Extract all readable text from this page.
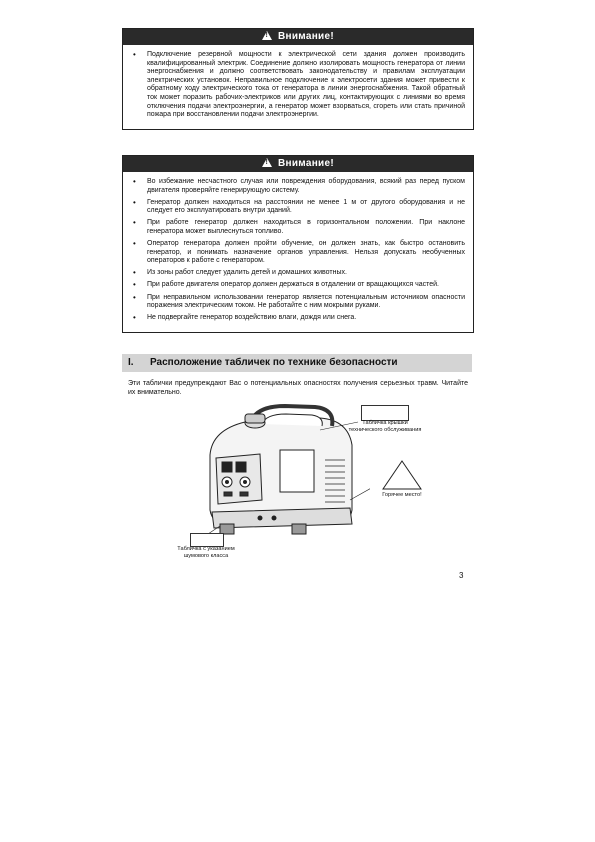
!Внимание!
• Подключение резервной мощности к электрической сети здания должен производить квалифицированный электрик. Соединение должно изолировать мощность генератора от линии энергоснабжения и должно соответствовать законодательству и правилам эксплуатации электрических установок. Неправильное подключение к электросети здания может привести к обратному ходу электрического тока от генератора в линии энергоснабжения. Такой обратный ток может поразить рабочих-электриков или других лиц, контактирующих с линиями во время отключения подачи электроэнергии, а генератор может взорваться, сгореть или стать причиной пожара при восстановлении подачи электроэнергии.
!Внимание!
• Во избежание несчастного случая или повреждения оборудования, всякий раз перед пуском двигателя проверяйте генерирующую систему.
• Генератор должен находиться на расстоянии не менее 1 м от другого оборудования и не следует его эксплуатировать внутри зданий.
• При работе генератор должен находиться в горизонтальном положении. При наклоне генератора может выплеснуться топливо.
• Оператор генератора должен пройти обучение, он должен знать, как быстро остановить генератор, и понимать назначение органов управления. Нельзя допускать необученных операторов к работе с генератором.
• Из зоны работ следует удалить детей и домашних животных.
• При работе двигателя оператор должен держаться в отдалении от вращающихся частей.
• При неправильном использовании генератор является потенциальным источником опасности поражения электрическим током. Не работайте с ним мокрыми руками.
• Не подвергайте генератор воздействию влаги, дождя или снега.
I. Расположение табличек по технике безопасности

Эти таблички предупреждают Вас о потенциальных опасностях получения серьезных травм. Читайте их внимательно.

Табличка крышки
технического обслуживания
Горячее место!
Табличка с указанием
шумового класса
3
